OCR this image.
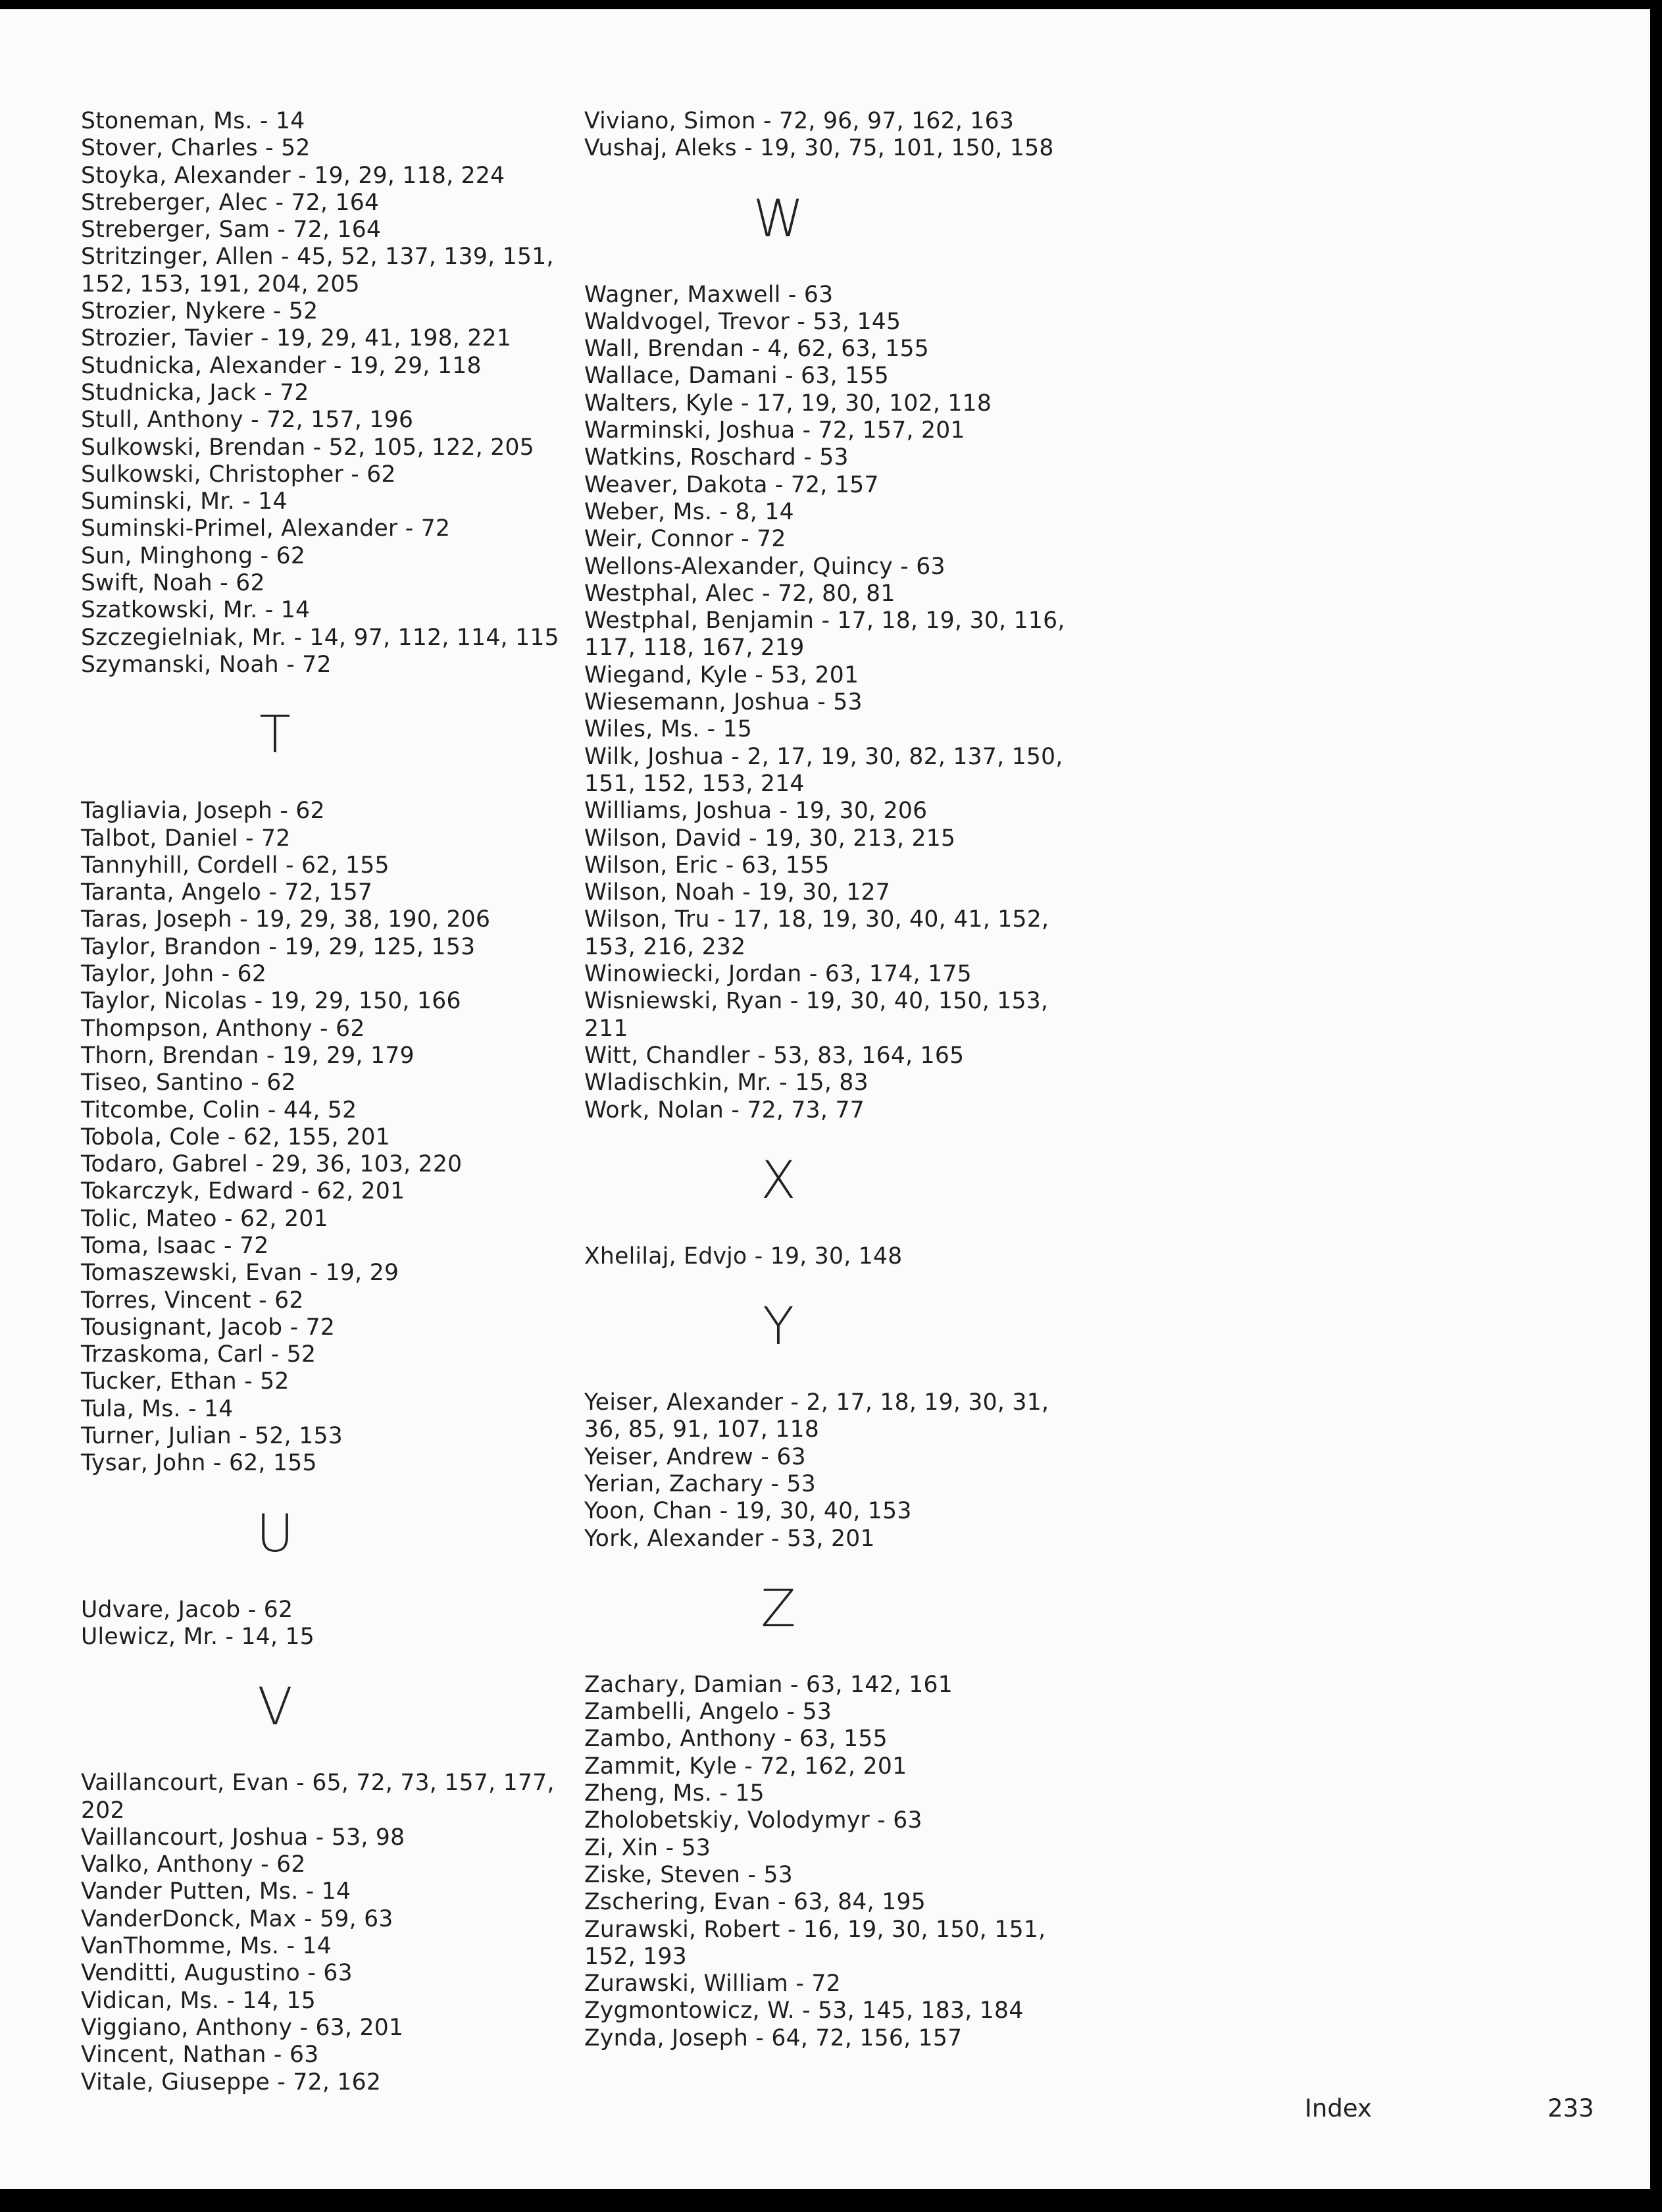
Stoneman, Ms. - 14
Stover, Charles - 52
Stoyka, Alexander - 19, 29, 118, 224
Streberger, Alec - 72, 164
Streberger, Sam - 72, 164
Stritzinger, Allen - 45, 52, 137, 139, 151,
152, 153, 191, 204, 205
Strozier, Nykere - 52
Strozier, Tavier - 19, 29, 41, 198, 221
Studnicka, Alexander - 19, 29, 118
Studnicka, Jack - 72
Stull, Anthony - 72, 157, 196
Sulkowski, Brendan - 52, 105, 122, 205
Sulkowski, Christopher - 62
Suminski, Mr. - 14
Suminski-Primel, Alexander - 72
Sun, Minghong - 62
Swift, Noah - 62
Szatkowski, Mr. - 14
Szczegielniak, Mr. - 14, 97, 112, 114, 115
Szymanski, Noah - 72
T
Tagliavia, Joseph - 62
Talbot, Daniel - 72
Tannyhill, Cordell - 62, 155
Taranta, Angelo - 72, 157
Taras, Joseph - 19, 29, 38, 190, 206
Taylor, Brandon - 19, 29, 125, 153
Taylor, John - 62
Taylor, Nicolas - 19, 29, 150, 166
Thompson, Anthony - 62
Thorn, Brendan - 19, 29, 179
Tiseo, Santino - 62
Titcombe, Colin - 44, 52
Tobola, Cole - 62, 155, 201
Todaro, Gabrel - 29, 36, 103, 220
Tokarczyk, Edward - 62, 201
Tolic, Mateo - 62, 201
Toma, Isaac - 72
Tomaszewski, Evan - 19, 29
Torres, Vincent - 62
Tousignant, Jacob - 72
Trzaskoma, Carl - 52
Tucker, Ethan - 52
Tula, Ms. - 14
Turner, Julian - 52, 153
Tysar, John - 62, 155
U
Udvare, Jacob - 62
Ulewicz, Mr. - 14, 15
V
Vaillancourt, Evan - 65, 72, 73, 157, 177,
202
Vaillancourt, Joshua - 53, 98
Valko, Anthony - 62
Vander Putten, Ms. - 14
VanderDonck, Max - 59, 63
VanThomme, Ms. - 14
Venditti, Augustino - 63
Vidican, Ms. - 14, 15
Viggiano, Anthony - 63, 201
Vincent, Nathan - 63
Vitale, Giuseppe - 72, 162
Viviano, Simon - 72, 96, 97, 162, 163
Vushaj, Aleks - 19, 30, 75, 101, 150, 158
W
Wagner, Maxwell - 63
Waldvogel, Trevor - 53, 145
Wall, Brendan - 4, 62, 63, 155
Wallace, Damani - 63, 155
Walters, Kyle - 17, 19, 30, 102, 118
Warminski, Joshua - 72, 157, 201
Watkins, Roschard - 53
Weaver, Dakota - 72, 157
Weber, Ms. - 8, 14
Weir, Connor - 72
Wellons-Alexander, Quincy - 63
Westphal, Alec - 72, 80, 81
Westphal, Benjamin - 17, 18, 19, 30, 116,
117, 118, 167, 219
Wiegand, Kyle - 53, 201
Wiesemann, Joshua - 53
Wiles, Ms. - 15
Wilk, Joshua - 2, 17, 19, 30, 82, 137, 150,
151, 152, 153, 214
Williams, Joshua - 19, 30, 206
Wilson, David - 19, 30, 213, 215
Wilson, Eric - 63, 155
Wilson, Noah - 19, 30, 127
Wilson, Tru - 17, 18, 19, 30, 40, 41, 152,
153, 216, 232
Winowiecki, Jordan - 63, 174, 175
Wisniewski, Ryan - 19, 30, 40, 150, 153,
211
Witt, Chandler - 53, 83, 164, 165
Wladischkin, Mr. - 15, 83
Work, Nolan - 72, 73, 77
X
Xhelilaj, Edvjo - 19, 30, 148
Y
Yeiser, Alexander - 2, 17, 18, 19, 30, 31,
36, 85, 91, 107, 118
Yeiser, Andrew - 63
Yerian, Zachary - 53
Yoon, Chan - 19, 30, 40, 153
York, Alexander - 53, 201
Z
Zachary, Damian - 63, 142, 161
Zambelli, Angelo - 53
Zambo, Anthony - 63, 155
Zammit, Kyle - 72, 162, 201
Zheng, Ms. - 15
Zholobetskiy, Volodymyr - 63
Zi, Xin - 53
Ziske, Steven - 53
Zschering, Evan - 63, 84, 195
Zurawski, Robert - 16, 19, 30, 150, 151,
152, 193
Zurawski, William - 72
Zygmontowicz, W. - 53, 145, 183, 184
Zynda, Joseph - 64, 72, 156, 157
Index	233
